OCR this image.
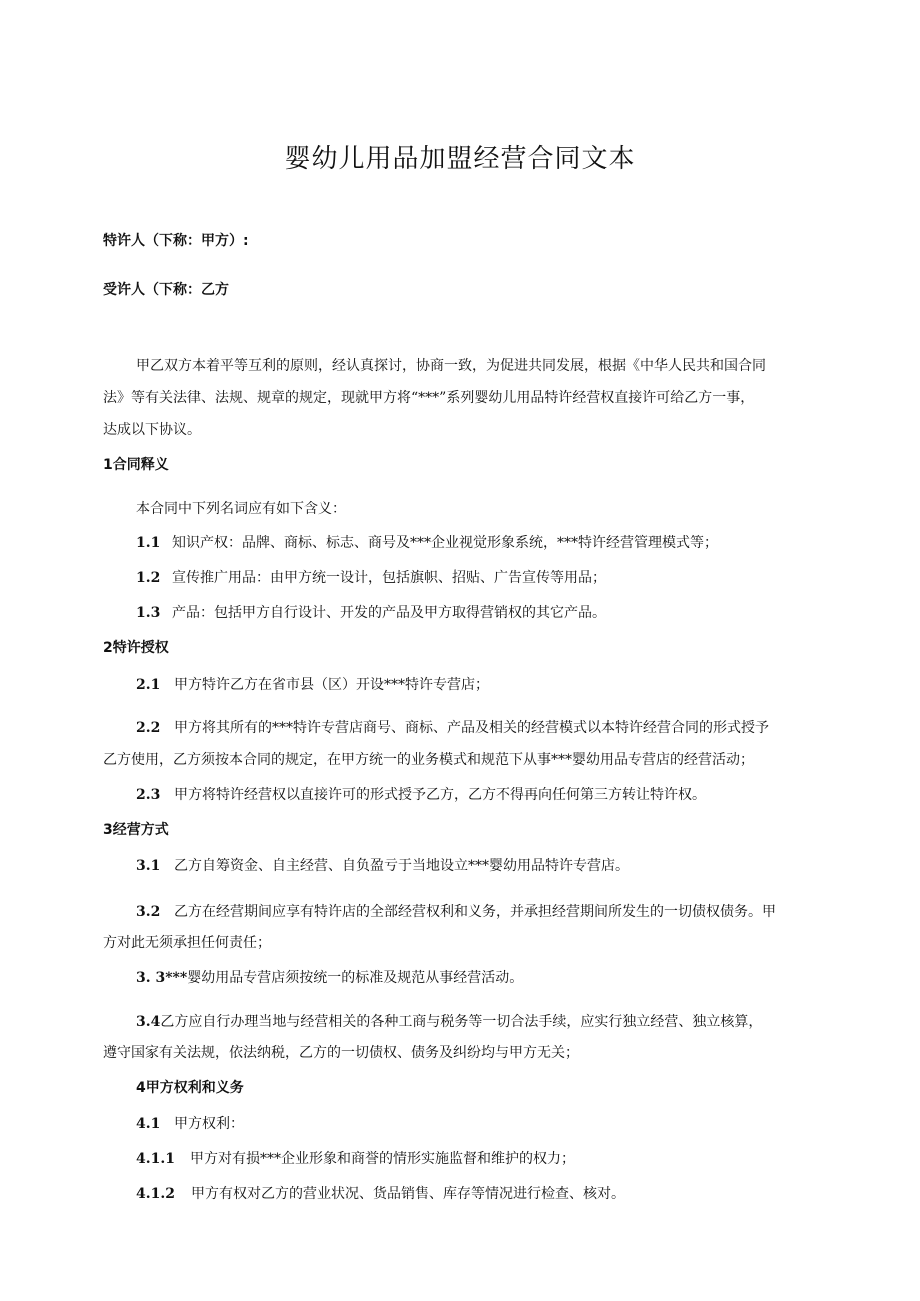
婴幼儿用品加盟经营合同文本
特许人（下称：甲方）:
受许人（下称：乙方
甲乙双方本着平等互利的原则，经认真探讨，协商一致，为促进共同发展，根据《中华人民共和国合同
法》等有关法律、法规、规章的规定，现就甲方将“***”系列婴幼儿用品特许经营权直接许可给乙方一事，
达成以下协议。
1合同释义
本合同中下列名词应有如下含义：
1.1 知识产权：品牌、商标、标志、商号及***企业视觉形象系统，***特许经营管理模式等；
1.2 宣传推广用品：由甲方统一设计，包括旗帜、招贴、广告宣传等用品；
1.3 产品：包括甲方自行设计、开发的产品及甲方取得营销权的其它产品。
2特许授权
2.1 甲方特许乙方在省市县（区）开设***特许专营店；
2.2 甲方将其所有的***特许专营店商号、商标、产品及相关的经营模式以本特许经营合同的形式授予
乙方使用，乙方须按本合同的规定，在甲方统一的业务模式和规范下从事***婴幼用品专营店的经营活动；
2.3 甲方将特许经营权以直接许可的形式授予乙方，乙方不得再向任何第三方转让特许权。
3经营方式
3.1 乙方自筹资金、自主经营、自负盈亏于当地设立***婴幼用品特许专营店。
3.2 乙方在经营期间应享有特许店的全部经营权利和义务，并承担经营期间所发生的一切债权债务。甲
方对此无须承担任何责任；
3. 3***婴幼用品专营店须按统一的标准及规范从事经营活动。
3.4乙方应自行办理当地与经营相关的各种工商与税务等一切合法手续，应实行独立经营、独立核算，
遵守国家有关法规，依法纳税，乙方的一切债权、债务及纠纷均与甲方无关；
4甲方权利和义务
4.1 甲方权利：
4.1.1 甲方对有损***企业形象和商誉的情形实施监督和维护的权力；
4.1.2 甲方有权对乙方的营业状况、货品销售、库存等情况进行检查、核对。
